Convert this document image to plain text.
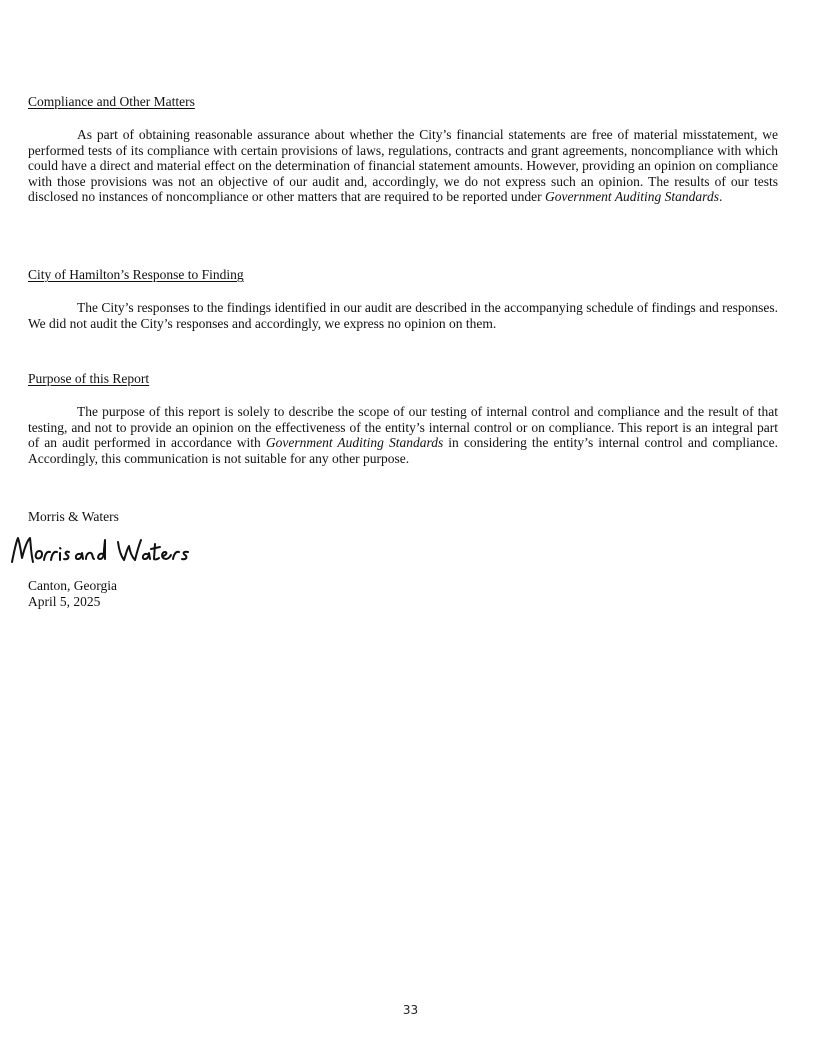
Compliance and Other Matters

As part of obtaining reasonable assurance about whether the City’s financial statements are free of material misstatement, we performed tests of its compliance with certain provisions of laws, regulations, contracts and grant agreements, noncompliance with which could have a direct and material effect on the determination of financial statement amounts. However, providing an opinion on compliance with those provisions was not an objective of our audit and, accordingly, we do not express such an opinion. The results of our tests disclosed no instances of noncompliance or other matters that are required to be reported under Government Auditing Standards.

City of Hamilton’s Response to Finding

The City’s responses to the findings identified in our audit are described in the accompanying schedule of findings and responses. We did not audit the City’s responses and accordingly, we express no opinion on them.

Purpose of this Report

The purpose of this report is solely to describe the scope of our testing of internal control and compliance and the result of that testing, and not to provide an opinion on the effectiveness of the entity’s internal control or on compliance. This report is an integral part of an audit performed in accordance with Government Auditing Standards in considering the entity’s internal control and compliance. Accordingly, this communication is not suitable for any other purpose.

Morris & Waters
Canton, Georgia
April 5, 2025
33
